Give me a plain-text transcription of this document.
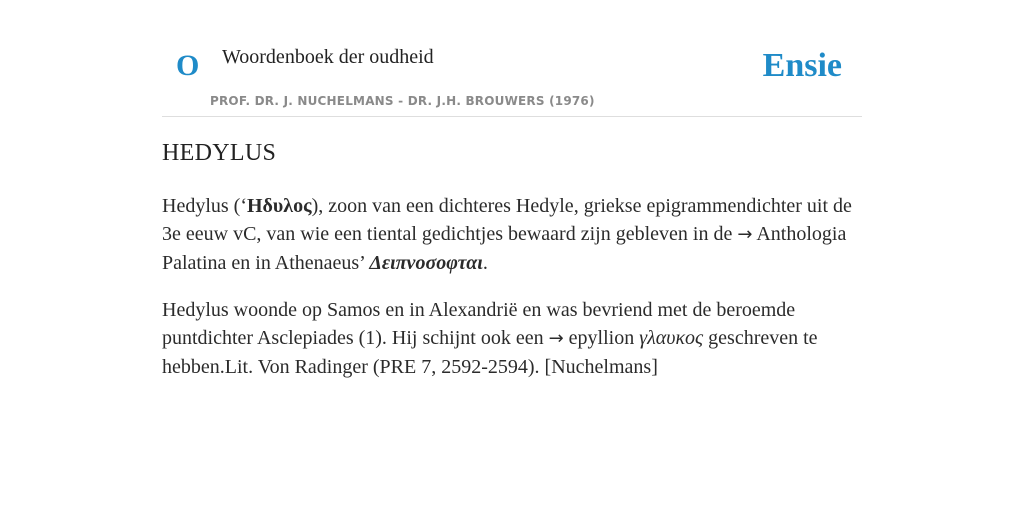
O Woordenboek der oudheid
PROF. DR. J. NUCHELMANS - DR. J.H. BROUWERS (1976)
Ensie
HEDYLUS

Hedylus (‘Ηδυλος), zoon van een dichteres Hedyle, griekse epigrammendichter uit de 3e eeuw vC, van wie een tiental gedichtjes bewaard zijn gebleven in de → Anthologia Palatina en in Athenaeus’ Δειπνοσοφται.

Hedylus woonde op Samos en in Alexandrië en was bevriend met de beroemde puntdichter Asclepiades (1). Hij schijnt ook een → epyllion γλαυκος geschreven te hebben.Lit. Von Radinger (PRE 7, 2592-2594). [Nuchelmans]
